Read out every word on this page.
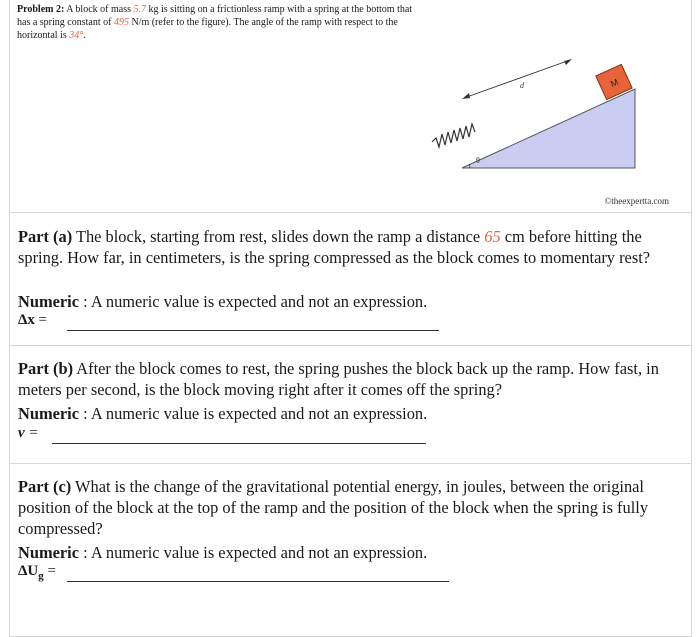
Problem 2: A block of mass 5.7 kg is sitting on a frictionless ramp with a spring at the bottom that has a spring constant of 495 N/m (refer to the figure). The angle of the ramp with respect to the horizontal is 34°.
M
d
θ
©theexpertta.com
Part (a) The block, starting from rest, slides down the ramp a distance 65 cm before hitting the spring. How far, in centimeters, is the spring compressed as the block comes to momentary rest?
Numeric : A numeric value is expected and not an expression.
Δx =
Part (b) After the block comes to rest, the spring pushes the block back up the ramp. How fast, in meters per second, is the block moving right after it comes off the spring?
Numeric : A numeric value is expected and not an expression.
v =
Part (c) What is the change of the gravitational potential energy, in joules, between the original position of the block at the top of the ramp and the position of the block when the spring is fully compressed?
Numeric : A numeric value is expected and not an expression.
$\Delta U_g$ =
